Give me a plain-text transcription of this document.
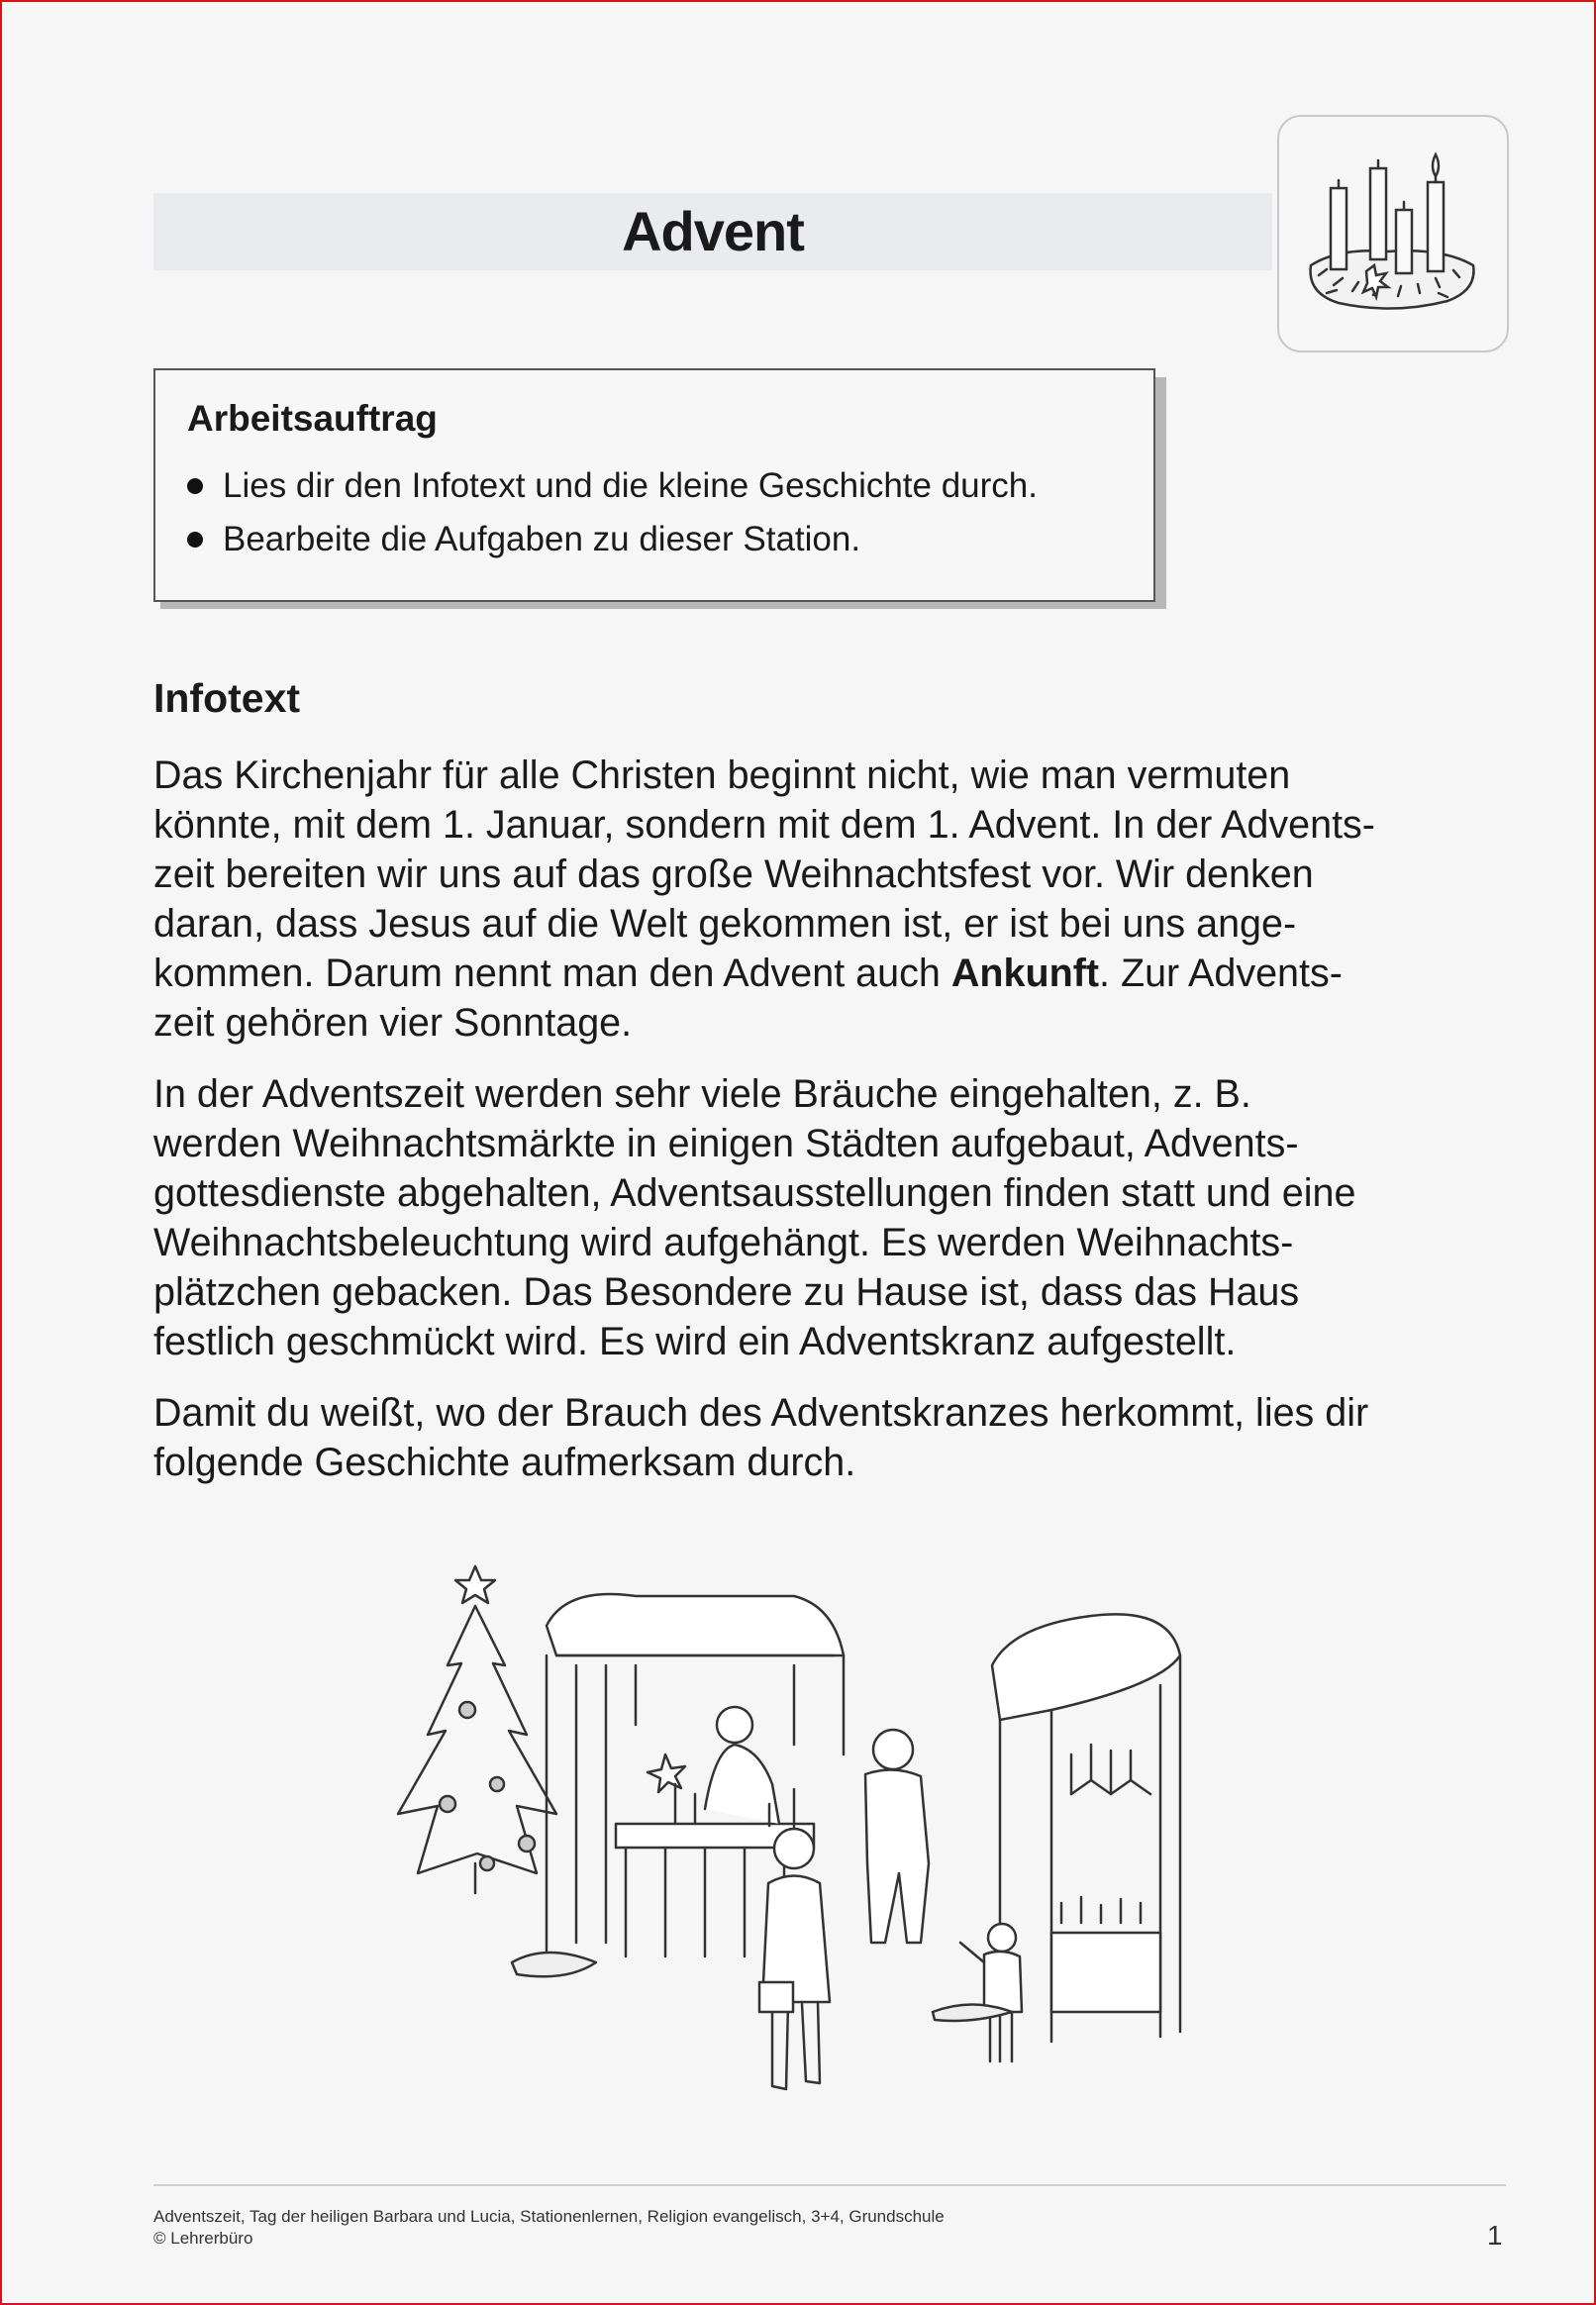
Advent
Arbeitsauftrag
Lies dir den Infotext und die kleine Geschichte durch.
Bearbeite die Aufgaben zu dieser Station.
Infotext

Das Kirchenjahr für alle Christen beginnt nicht, wie man vermuten
könnte, mit dem 1. Januar, sondern mit dem 1. Advent. In der Advents-
zeit bereiten wir uns auf das große Weihnachtsfest vor. Wir denken
daran, dass Jesus auf die Welt gekommen ist, er ist bei uns ange-
kommen. Darum nennt man den Advent auch Ankunft. Zur Advents-
zeit gehören vier Sonntage.

In der Adventszeit werden sehr viele Bräuche eingehalten, z. B.
werden Weihnachtsmärkte in einigen Städten aufgebaut, Advents-
gottesdienste abgehalten, Adventsausstellungen finden statt und eine
Weihnachtsbeleuchtung wird aufgehängt. Es werden Weihnachts-
plätzchen gebacken. Das Besondere zu Hause ist, dass das Haus
festlich geschmückt wird. Es wird ein Adventskranz aufgestellt.

Damit du weißt, wo der Brauch des Adventskranzes herkommt, lies dir
folgende Geschichte aufmerksam durch.

Adventszeit, Tag der heiligen Barbara und Lucia, Stationenlernen, Religion evangelisch, 3+4, Grundschule
© Lehrerbüro	1
